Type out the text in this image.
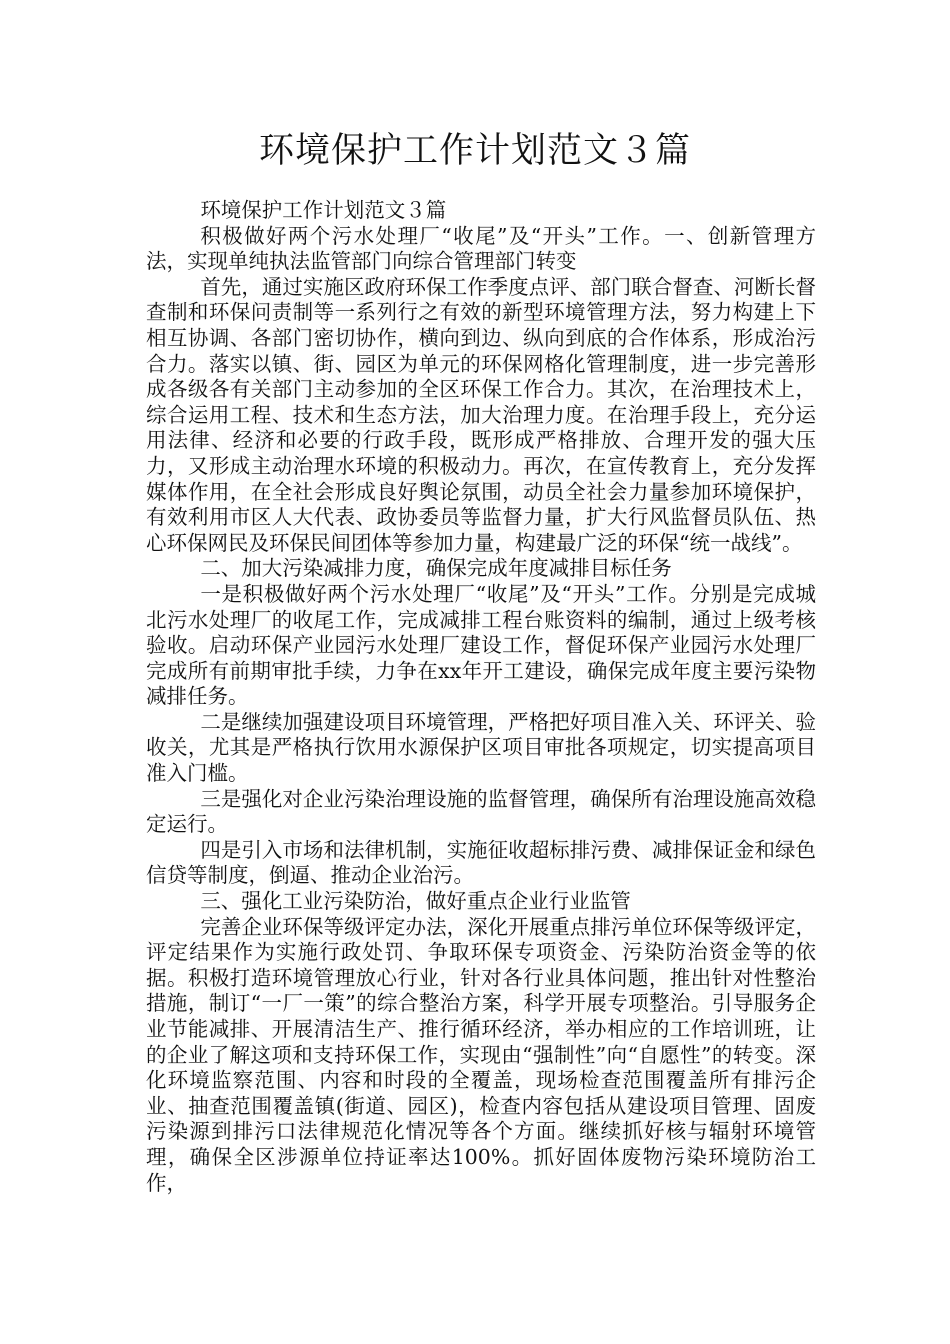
环境保护工作计划范文３篇

环境保护工作计划范文３篇

积极做好两个污水处理厂“收尾”及“开头”工作。一、创新管理方法，实现单纯执法监管部门向综合管理部门转变

首先，通过实施区政府环保工作季度点评、部门联合督查、河断长督查制和环保问责制等一系列行之有效的新型环境管理方法，努力构建上下相互协调、各部门密切协作，横向到边、纵向到底的合作体系，形成治污合力。落实以镇、街、园区为单元的环保网格化管理制度，进一步完善形成各级各有关部门主动参加的全区环保工作合力。其次，在治理技术上，综合运用工程、技术和生态方法，加大治理力度。在治理手段上，充分运用法律、经济和必要的行政手段，既形成严格排放、合理开发的强大压力，又形成主动治理水环境的积极动力。再次，在宣传教育上，充分发挥媒体作用，在全社会形成良好舆论氛围，动员全社会力量参加环境保护，有效利用市区人大代表、政协委员等监督力量，扩大行风监督员队伍、热心环保网民及环保民间团体等参加力量，构建最广泛的环保“统一战线”。

二、加大污染减排力度，确保完成年度减排目标任务

一是积极做好两个污水处理厂“收尾”及“开头”工作。分别是完成城北污水处理厂的收尾工作，完成减排工程台账资料的编制，通过上级考核验收。启动环保产业园污水处理厂建设工作，督促环保产业园污水处理厂完成所有前期审批手续，力争在xx年开工建设，确保完成年度主要污染物减排任务。

二是继续加强建设项目环境管理，严格把好项目准入关、环评关、验收关，尤其是严格执行饮用水源保护区项目审批各项规定，切实提高项目准入门槛。

三是强化对企业污染治理设施的监督管理，确保所有治理设施高效稳定运行。

四是引入市场和法律机制，实施征收超标排污费、减排保证金和绿色信贷等制度，倒逼、推动企业治污。

三、强化工业污染防治，做好重点企业行业监管

完善企业环保等级评定办法，深化开展重点排污单位环保等级评定，评定结果作为实施行政处罚、争取环保专项资金、污染防治资金等的依据。积极打造环境管理放心行业，针对各行业具体问题，推出针对性整治措施，制订“一厂一策”的综合整治方案，科学开展专项整治。引导服务企业节能减排、开展清洁生产、推行循环经济，举办相应的工作培训班，让的企业了解这项和支持环保工作，实现由“强制性”向“自愿性”的转变。深化环境监察范围、内容和时段的全覆盖，现场检查范围覆盖所有排污企业、抽查范围覆盖镇(街道、园区)，检查内容包括从建设项目管理、固废污染源到排污口法律规范化情况等各个方面。继续抓好核与辐射环境管理，确保全区涉源单位持证率达100%。抓好固体废物污染环境防治工作，
